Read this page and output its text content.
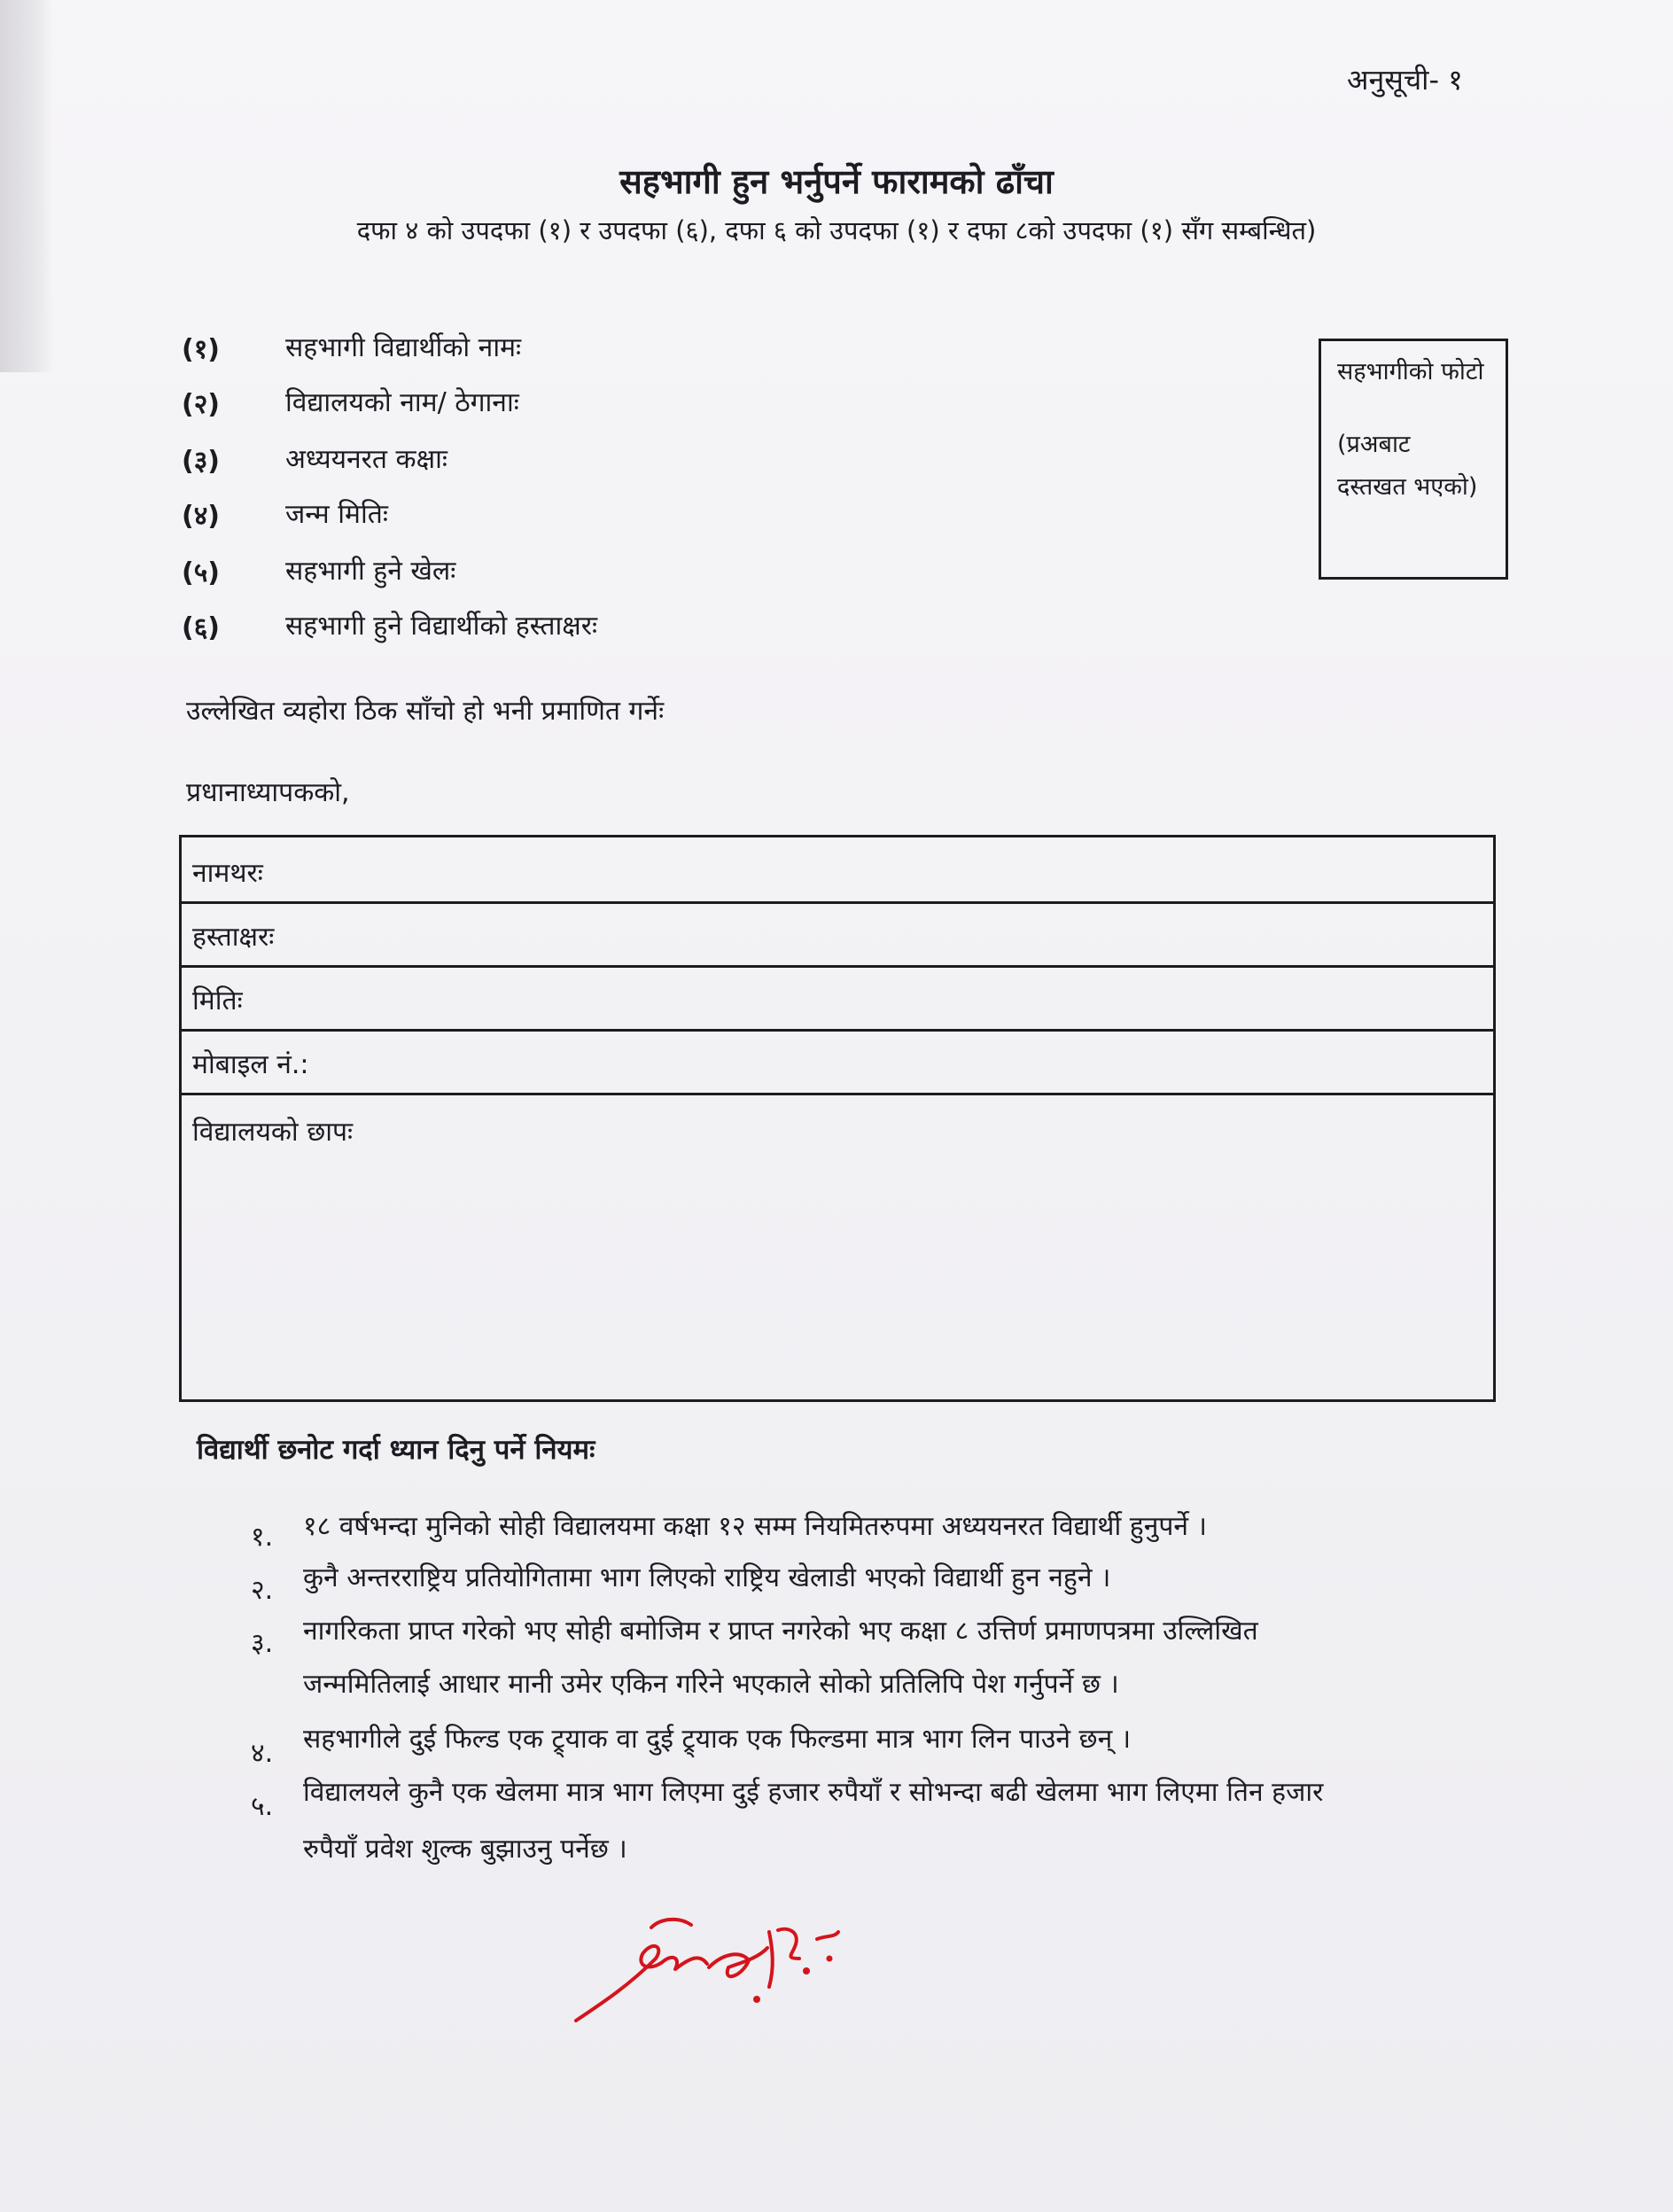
अनुसूची- १
सहभागी हुन भर्नुपर्ने फारामको ढाँचा
दफा ४ को उपदफा (१) र उपदफा (६), दफा ६ को उपदफा (१) र दफा ८को उपदफा (१) सँग सम्बन्धित)
(१) सहभागी विद्यार्थीको नामः
(२) विद्यालयको नाम/ ठेगानाः
(३) अध्ययनरत कक्षाः
(४) जन्म मितिः
(५) सहभागी हुने खेलः
(६) सहभागी हुने विद्यार्थीको हस्ताक्षरः
सहभागीको फोटो
(प्रअबाट
दस्तखत भएको)
उल्लेखित व्यहोरा ठिक साँचो हो भनी प्रमाणित गर्नेः
प्रधानाध्यापकको,
नामथरः
हस्ताक्षरः
मितिः
मोबाइल नं.:
विद्यालयको छापः
विद्यार्थी छनोट गर्दा ध्यान दिनु पर्ने नियमः
१. १८ वर्षभन्दा मुनिको सोही विद्यालयमा कक्षा १२ सम्म नियमितरुपमा अध्ययनरत विद्यार्थी हुनुपर्ने ।
२. कुनै अन्तरराष्ट्रिय प्रतियोगितामा भाग लिएको राष्ट्रिय खेलाडी भएको विद्यार्थी हुन नहुने ।
३. नागरिकता प्राप्त गरेको भए सोही बमोजिम र प्राप्त नगरेको भए कक्षा ८ उत्तिर्ण प्रमाणपत्रमा उल्लिखित
जन्ममितिलाई आधार मानी उमेर एकिन गरिने भएकाले सोको प्रतिलिपि पेश गर्नुपर्ने छ ।
४. सहभागीले दुई फिल्ड एक ट्र्याक वा दुई ट्र्याक एक फिल्डमा मात्र भाग लिन पाउने छन् ।
५. विद्यालयले कुनै एक खेलमा मात्र भाग लिएमा दुई हजार रुपैयाँ र सोभन्दा बढी खेलमा भाग लिएमा तिन हजार
रुपैयाँ प्रवेश शुल्क बुझाउनु पर्नेछ ।
